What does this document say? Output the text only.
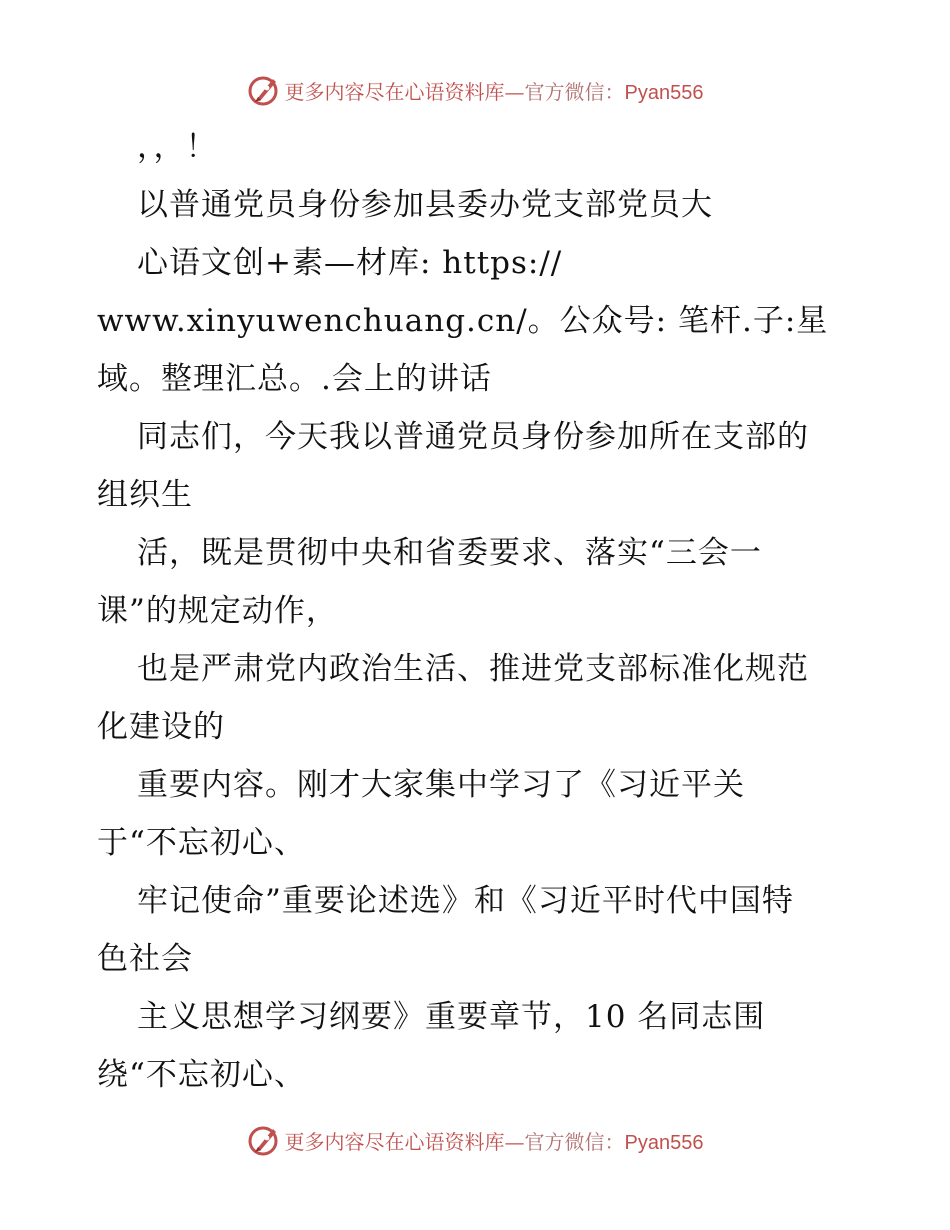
更多内容尽在心语资料库—官方微信：Pyan556
，，！
以普通党员身份参加县委办党支部党员大
心语文创+素—材库: https://
www.xinyuwenchuang.cn/。公众号: 笔杆.子:星
域。整理汇总。.会上的讲话
同志们，今天我以普通党员身份参加所在支部的
组织生
活，既是贯彻中央和省委要求、落实“三会一
课”的规定动作，
也是严肃党内政治生活、推进党支部标准化规范
化建设的
重要内容。刚才大家集中学习了《习近平关
于“不忘初心、
牢记使命”重要论述选》和《习近平时代中国特
色社会
主义思想学习纲要》重要章节，10 名同志围
绕“不忘初心、
更多内容尽在心语资料库—官方微信：Pyan556
